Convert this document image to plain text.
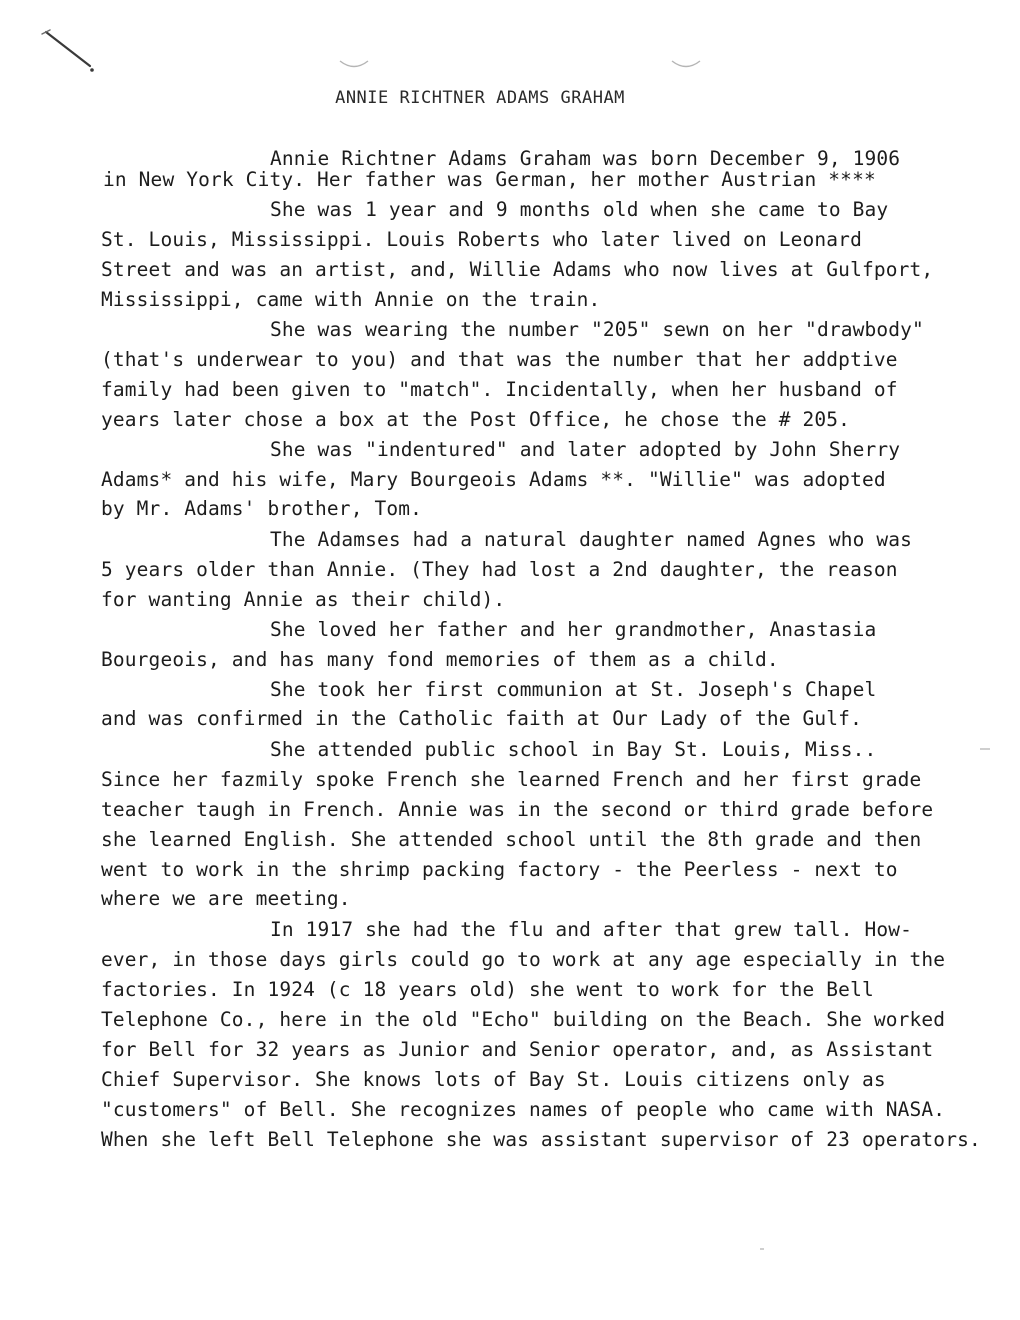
ANNIE RICHTNER ADAMS GRAHAM
Annie Richtner Adams Graham was born December 9, 1906
in New York City. Her father was German, her mother Austrian ****
She was 1 year and 9 months old when she came to Bay
St. Louis, Mississippi. Louis Roberts who later lived on Leonard
Street and was an artist, and, Willie Adams who now lives at Gulfport,
Mississippi, came with Annie on the train.
She was wearing the number "205" sewn on her "drawbody"
(that's underwear to you) and that was the number that her addptive
family had been given to "match". Incidentally, when her husband of
years later chose a box at the Post Office, he chose the # 205.
She was "indentured" and later adopted by John Sherry
Adams* and his wife, Mary Bourgeois Adams **. "Willie" was adopted
by Mr. Adams' brother, Tom.
The Adamses had a natural daughter named Agnes who was
5 years older than Annie. (They had lost a 2nd daughter, the reason
for wanting Annie as their child).
She loved her father and her grandmother, Anastasia
Bourgeois, and has many fond memories of them as a child.
She took her first communion at St. Joseph's Chapel
and was confirmed in the Catholic faith at Our Lady of the Gulf.
She attended public school in Bay St. Louis, Miss..
Since her fazmily spoke French she learned French and her first grade
teacher taugh in French. Annie was in the second or third grade before
she learned English. She attended school until the 8th grade and then
went to work in the shrimp packing factory - the Peerless - next to
where we are meeting.
In 1917 she had the flu and after that grew tall. How-
ever, in those days girls could go to work at any age especially in the
factories. In 1924 (c 18 years old) she went to work for the Bell
Telephone Co., here in the old "Echo" building on the Beach. She worked
for Bell for 32 years as Junior and Senior operator, and, as Assistant
Chief Supervisor. She knows lots of Bay St. Louis citizens only as
"customers" of Bell. She recognizes names of people who came with NASA.
When she left Bell Telephone she was assistant supervisor of 23 operators.
